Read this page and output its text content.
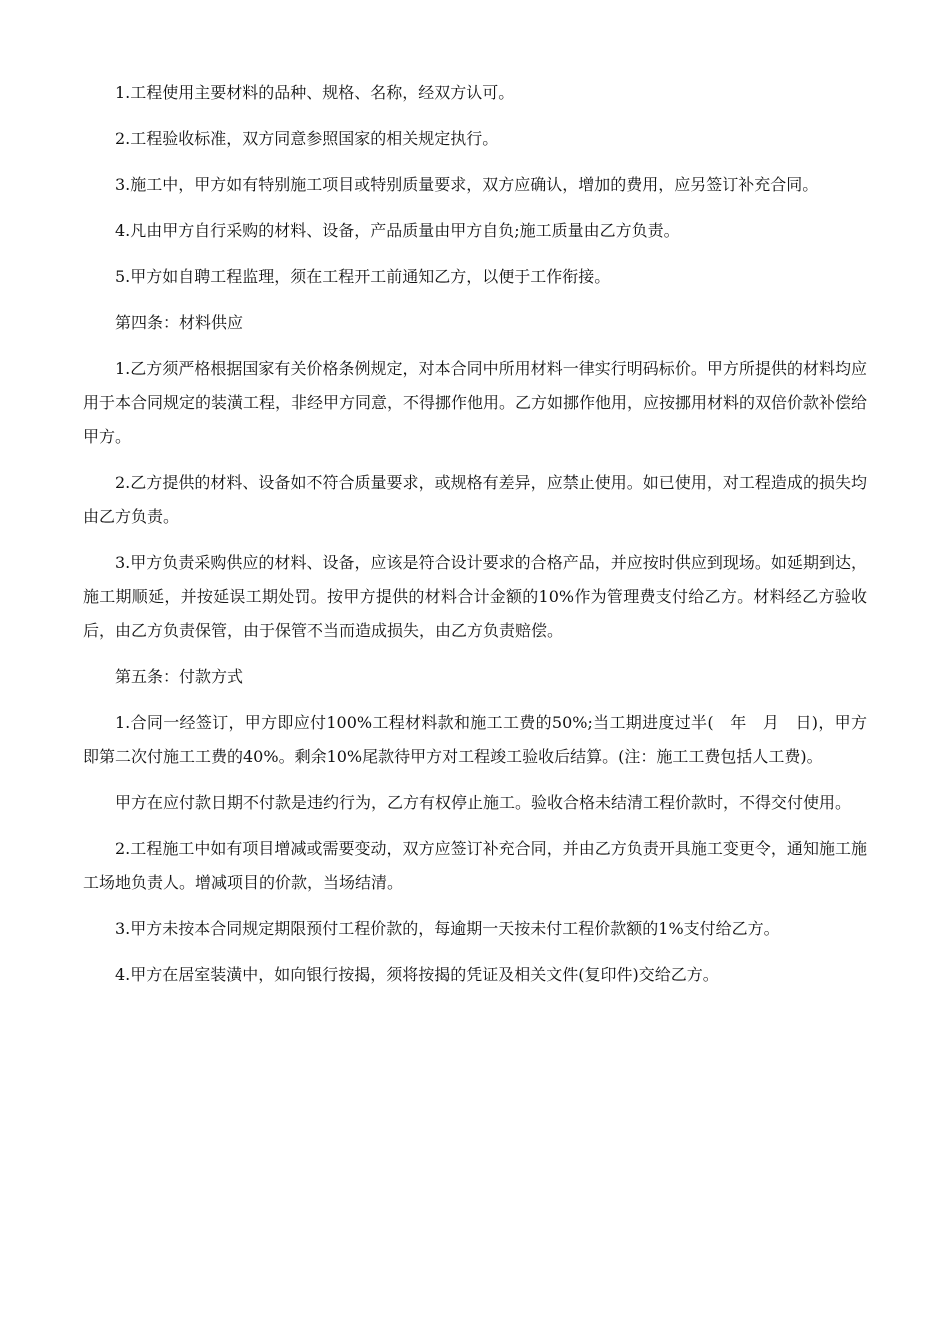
1.工程使用主要材料的品种、规格、名称，经双方认可。

2.工程验收标准，双方同意参照国家的相关规定执行。

3.施工中，甲方如有特别施工项目或特别质量要求，双方应确认，增加的费用，应另签订补充合同。

4.凡由甲方自行采购的材料、设备，产品质量由甲方自负;施工质量由乙方负责。

5.甲方如自聘工程监理，须在工程开工前通知乙方，以便于工作衔接。

第四条：材料供应

1.乙方须严格根据国家有关价格条例规定，对本合同中所用材料一律实行明码标价。甲方所提供的材料均应用于本合同规定的装潢工程，非经甲方同意，不得挪作他用。乙方如挪作他用，应按挪用材料的双倍价款补偿给甲方。

2.乙方提供的材料、设备如不符合质量要求，或规格有差异，应禁止使用。如已使用，对工程造成的损失均由乙方负责。

3.甲方负责采购供应的材料、设备，应该是符合设计要求的合格产品，并应按时供应到现场。如延期到达，施工期顺延，并按延误工期处罚。按甲方提供的材料合计金额的10%作为管理费支付给乙方。材料经乙方验收后，由乙方负责保管，由于保管不当而造成损失，由乙方负责赔偿。

第五条：付款方式

1.合同一经签订，甲方即应付100%工程材料款和施工工费的50%;当工期进度过半(　年　月　日)，甲方即第二次付施工工费的40%。剩余10%尾款待甲方对工程竣工验收后结算。(注：施工工费包括人工费)。

甲方在应付款日期不付款是违约行为，乙方有权停止施工。验收合格未结清工程价款时，不得交付使用。

2.工程施工中如有项目增减或需要变动，双方应签订补充合同，并由乙方负责开具施工变更令，通知施工施工场地负责人。增减项目的价款，当场结清。

3.甲方未按本合同规定期限预付工程价款的，每逾期一天按未付工程价款额的1%支付给乙方。

4.甲方在居室装潢中，如向银行按揭，须将按揭的凭证及相关文件(复印件)交给乙方。
